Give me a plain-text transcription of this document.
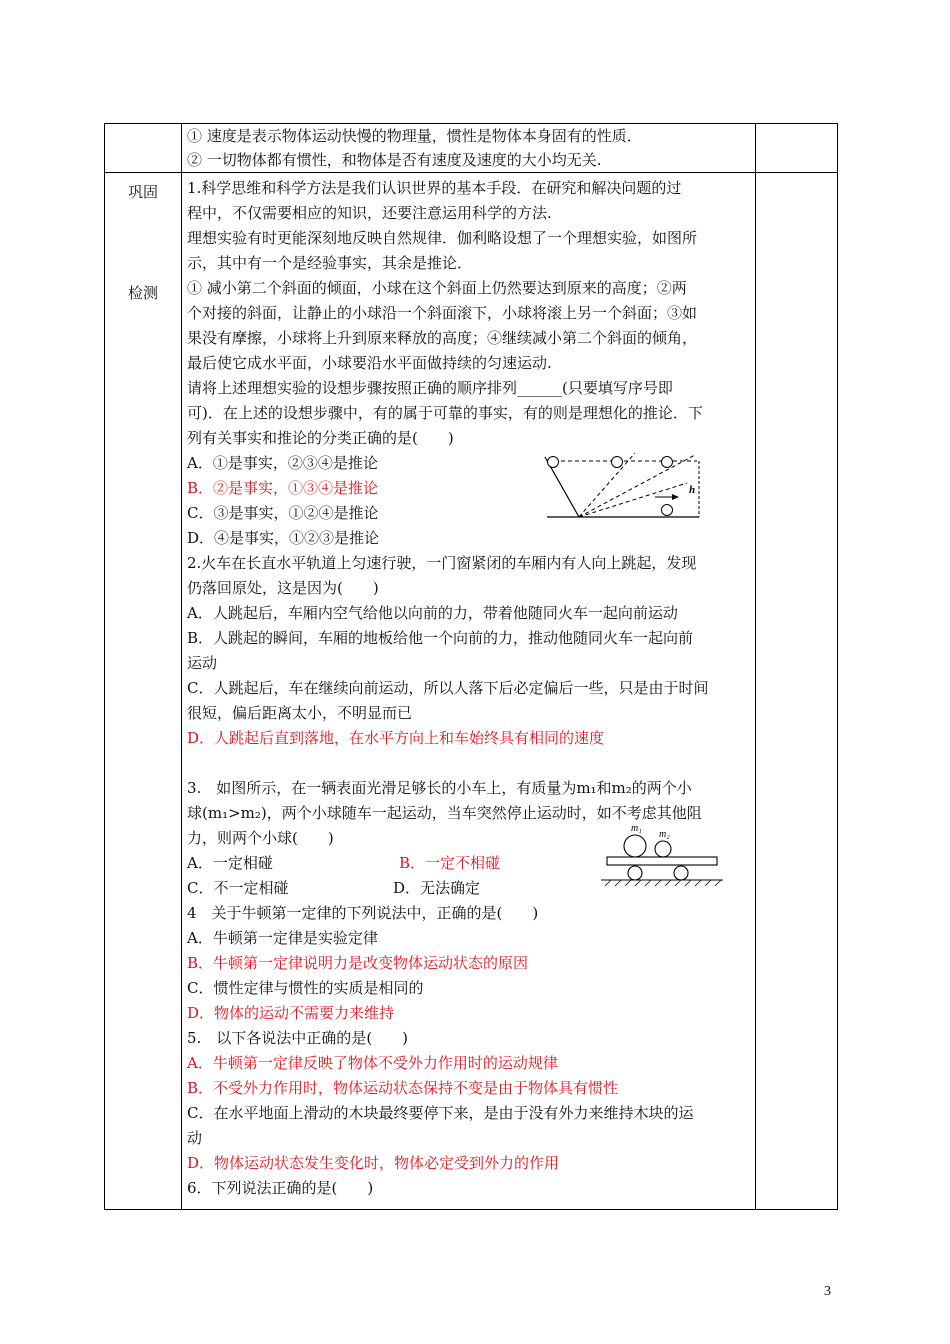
① 速度是表示物体运动快慢的物理量，惯性是物体本身固有的性质．

② 一切物体都有惯性，和物体是否有速度及速度的大小均无关.

巩固
检测

1.科学思维和科学方法是我们认识世界的基本手段．在研究和解决问题的过

程中，不仅需要相应的知识，还要注意运用科学的方法.

理想实验有时更能深刻地反映自然规律．伽利略设想了一个理想实验，如图所

示，其中有一个是经验事实，其余是推论．

① 减小第二个斜面的倾面，小球在这个斜面上仍然要达到原来的高度；②两

个对接的斜面，让静止的小球沿一个斜面滚下，小球将滚上另一个斜面；③如

果没有摩擦，小球将上升到原来释放的高度；④继续减小第二个斜面的倾角，

最后使它成水平面，小球要沿水平面做持续的匀速运动.

请将上述理想实验的设想步骤按照正确的顺序排列______(只要填写序号即

可)．在上述的设想步骤中，有的属于可靠的事实，有的则是理想化的推论．下

列有关事实和推论的分类正确的是(　　)

A．①是事实，②③④是推论

B．②是事实，①③④是推论

C．③是事实，①②④是推论

D．④是事实，①②③是推论

h

2.火车在长直水平轨道上匀速行驶，一门窗紧闭的车厢内有人向上跳起，发现

仍落回原处，这是因为(　　)

A．人跳起后，车厢内空气给他以向前的力，带着他随同火车一起向前运动

B．人跳起的瞬间，车厢的地板给他一个向前的力，推动他随同火车一起向前

运动

C．人跳起后，车在继续向前运动，所以人落下后必定偏后一些，只是由于时间

很短，偏后距离太小，不明显而已

D．人跳起后直到落地，在水平方向上和车始终具有相同的速度

3.　如图所示，在一辆表面光滑足够长的小车上，有质量为m₁和m₂的两个小

球(m₁>m₂)，两个小球随车一起运动，当车突然停止运动时，如不考虑其他阻

力，则两个小球(　　)

A．一定相碰	B．一定不相碰

C．不一定相碰	D．无法确定

m₁
m₂

4　关于牛顿第一定律的下列说法中，正确的是(　　)

A．牛顿第一定律是实验定律

B．牛顿第一定律说明力是改变物体运动状态的原因

C．惯性定律与惯性的实质是相同的

D．物体的运动不需要力来维持

5.　以下各说法中正确的是(　　)

A．牛顿第一定律反映了物体不受外力作用时的运动规律

B．不受外力作用时，物体运动状态保持不变是由于物体具有惯性

C．在水平地面上滑动的木块最终要停下来，是由于没有外力来维持木块的运

动

D．物体运动状态发生变化时，物体必定受到外力的作用

6．下列说法正确的是(　　)

3
